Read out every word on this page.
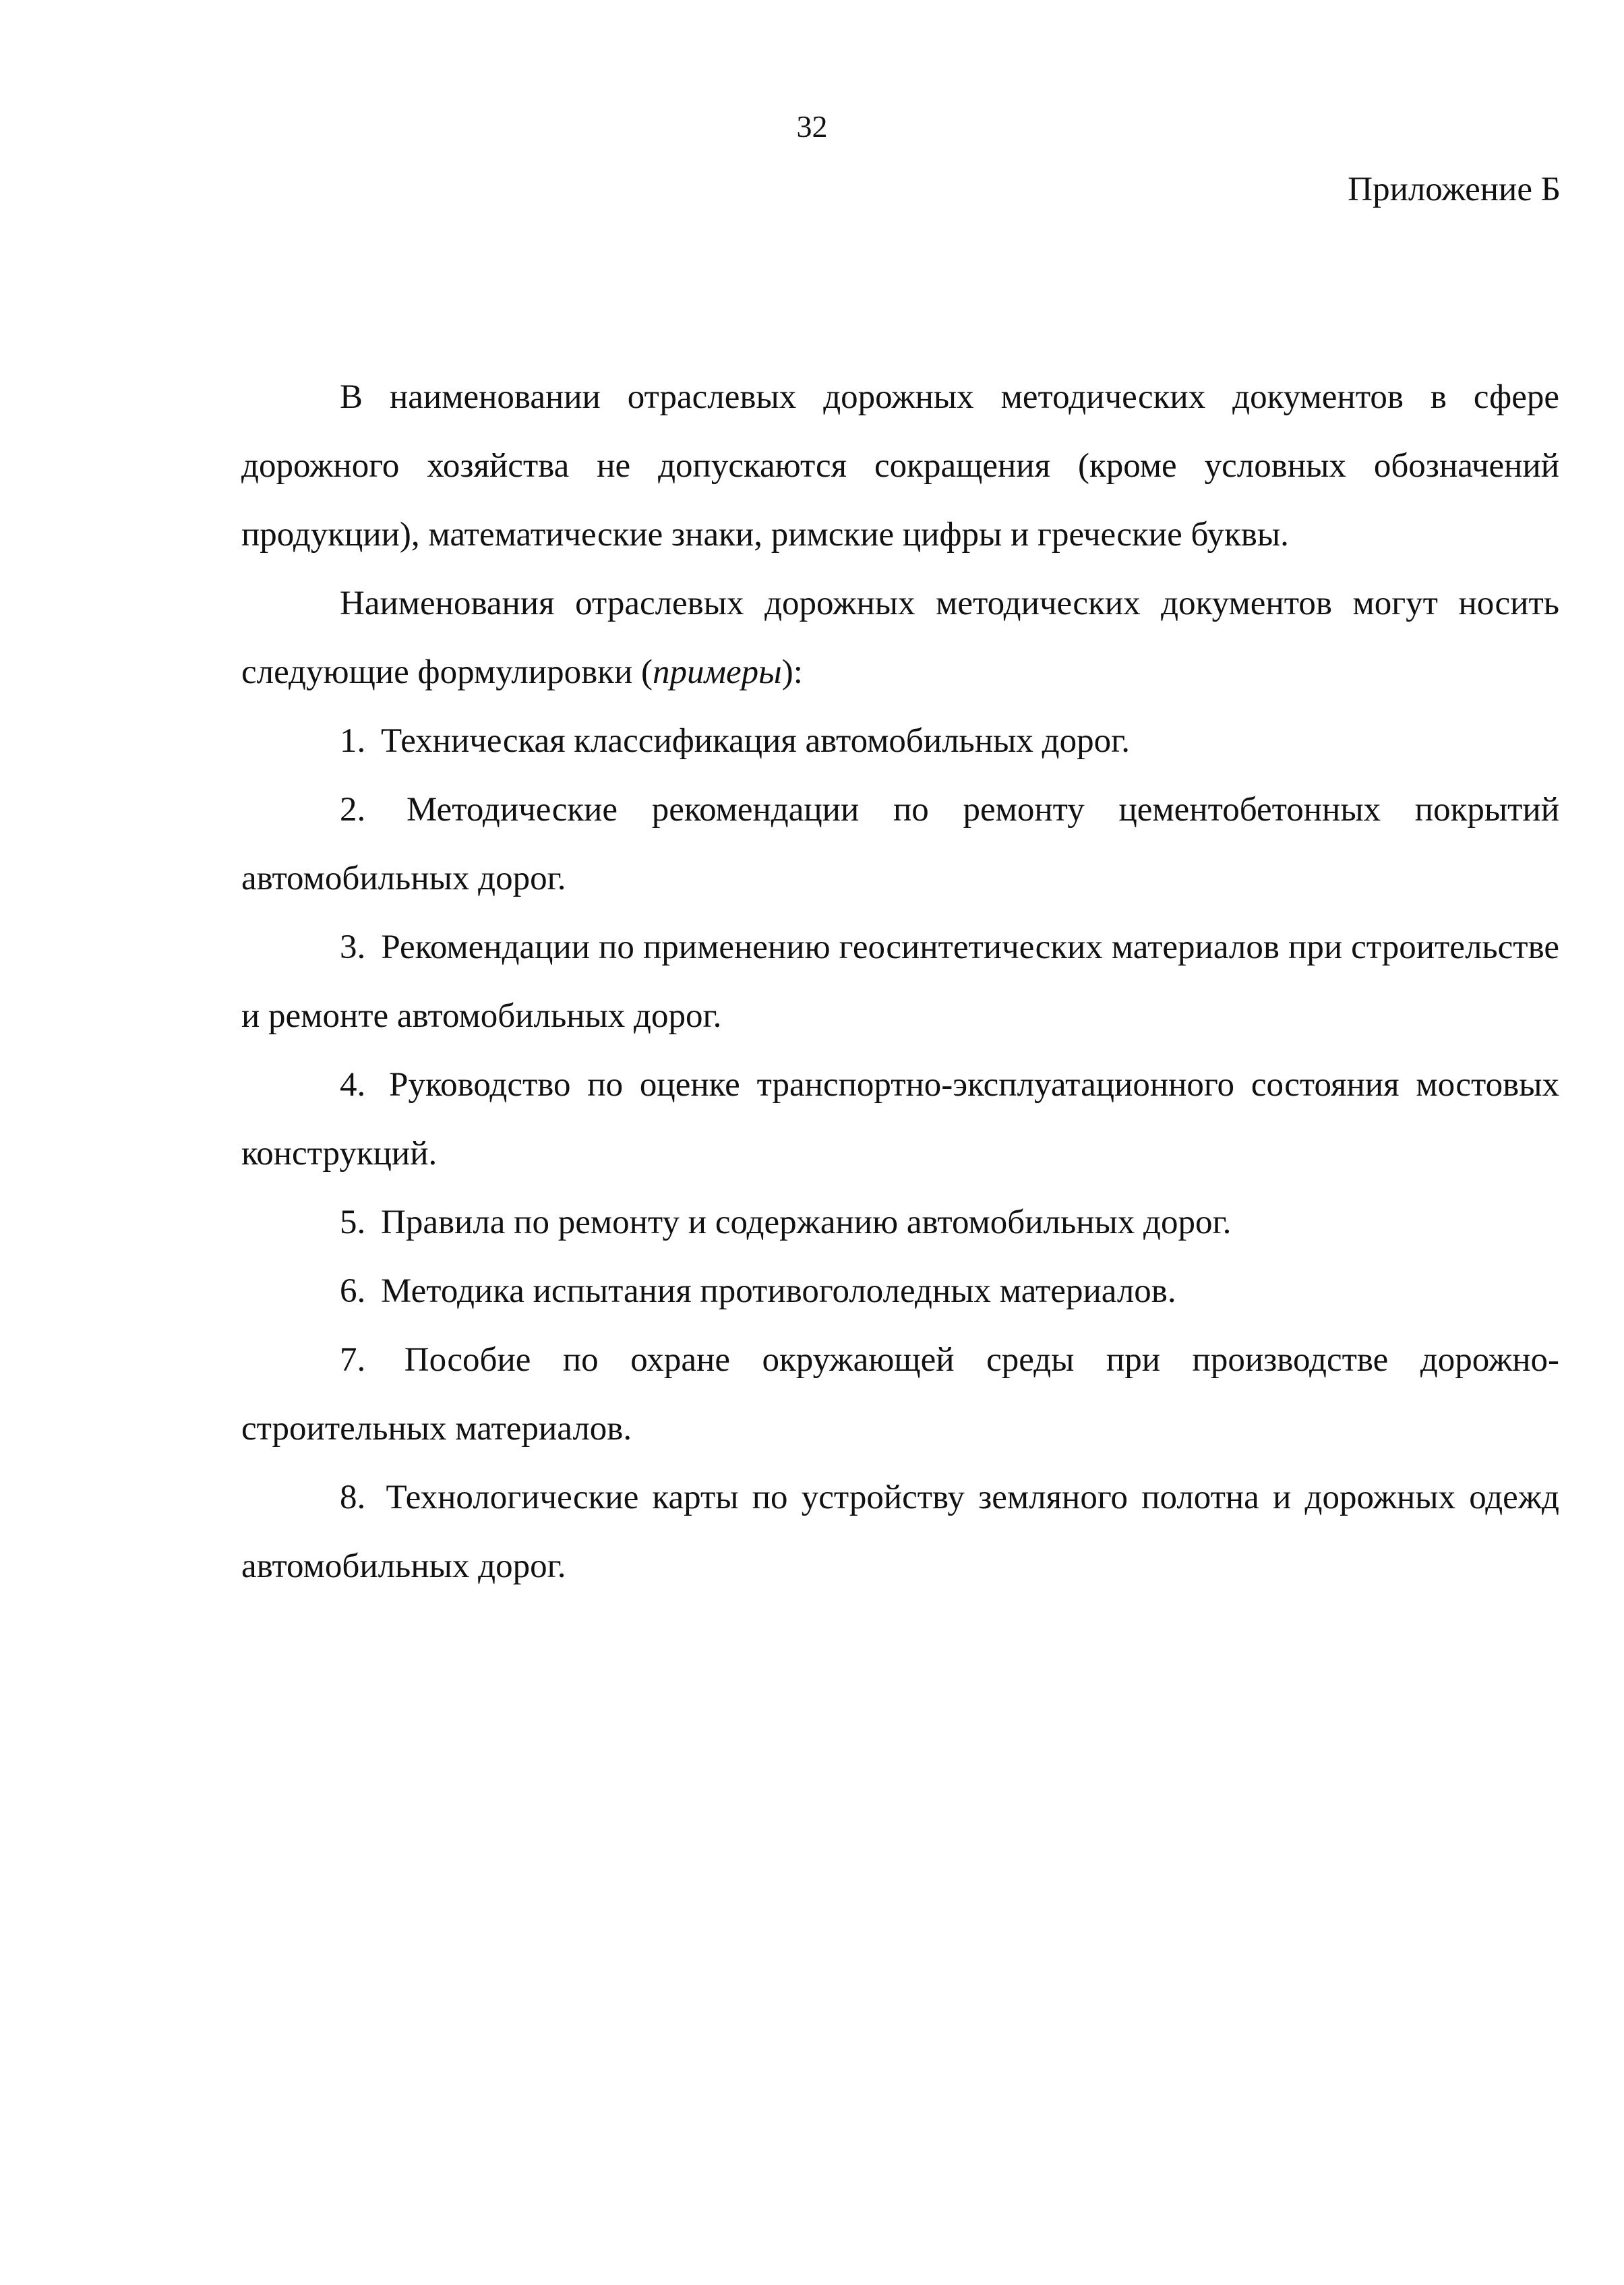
32
Приложение Б

В наименовании отраслевых дорожных методических документов в сфере дорожного хозяйства не допускаются сокращения (кроме условных обозначений продукции), математические знаки, римские цифры и греческие буквы.

Наименования отраслевых дорожных методических документов могут носить следующие формулировки (примеры):

1. Техническая классификация автомобильных дорог.

2. Методические рекомендации по ремонту цементобетонных покрытий автомобильных дорог.

3. Рекомендации по применению геосинтетических материалов при строительстве и ремонте автомобильных дорог.

4. Руководство по оценке транспортно-эксплуатационного состояния мостовых конструкций.

5. Правила по ремонту и содержанию автомобильных дорог.

6. Методика испытания противогололедных материалов.

7. Пособие по охране окружающей среды при производстве дорожно-строительных материалов.

8. Технологические карты по устройству земляного полотна и дорожных одежд автомобильных дорог.
